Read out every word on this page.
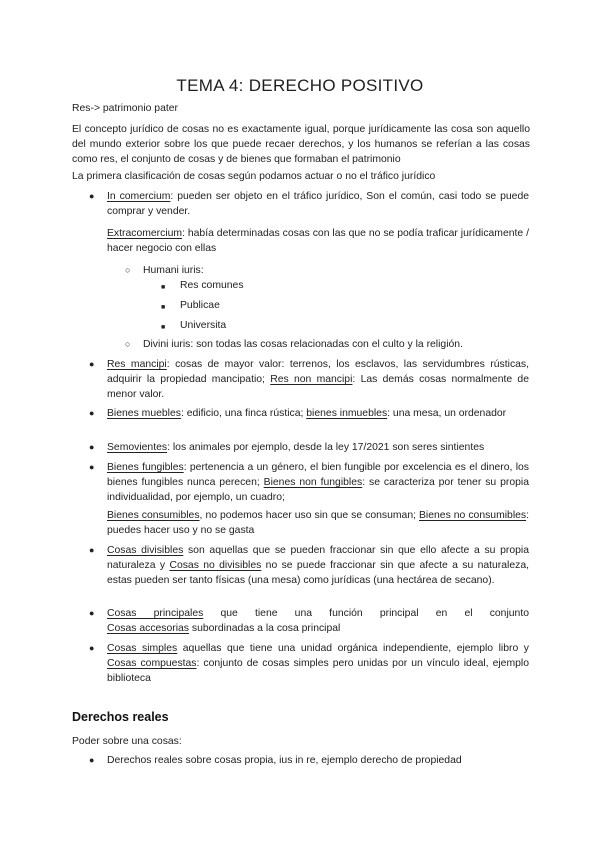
TEMA 4: DERECHO POSITIVO
Res-> patrimonio pater
El concepto jurídico de cosas no es exactamente igual, porque jurídicamente las cosa son aquello del mundo exterior sobre los que puede recaer derechos, y los humanos se referían a las cosas como res, el conjunto de cosas y de bienes que formaban el patrimonio
La primera clasificación de cosas según podamos actuar o no el tráfico jurídico
● In comercium: pueden ser objeto en el tráfico jurídico, Son el común, casi todo se puede comprar y vender.
Extracomercium: había determinadas cosas con las que no se podía traficar jurídicamente / hacer negocio con ellas
○ Humani iuris:
■ Res comunes
■ Publicae
■ Universita
○ Divini iuris: son todas las cosas relacionadas con el culto y la religión.
● Res mancipi: cosas de mayor valor: terrenos, los esclavos, las servidumbres rústicas, adquirir la propiedad mancipatio; Res non mancipi: Las demás cosas normalmente de menor valor.
● Bienes muebles: edificio, una finca rústica; bienes inmuebles: una mesa, un ordenador
● Semovientes: los animales por ejemplo, desde la ley 17/2021 son seres sintientes
● Bienes fungibles: pertenencia a un género, el bien fungible por excelencia es el dinero, los bienes fungibles nunca perecen; Bienes non fungibles: se caracteriza por tener su propia individualidad, por ejemplo, un cuadro;
Bienes consumibles, no podemos hacer uso sin que se consuman; Bienes no consumibles: puedes hacer uso y no se gasta
● Cosas divisibles son aquellas que se pueden fraccionar sin que ello afecte a su propia naturaleza y Cosas no divisibles no se puede fraccionar sin que afecte a su naturaleza, estas pueden ser tanto físicas (una mesa) como jurídicas (una hectárea de secano).
● Cosas principales que tiene una función principal en el conjunto
Cosas accesorias subordinadas a la cosa principal
● Cosas simples aquellas que tiene una unidad orgánica independiente, ejemplo libro y Cosas compuestas: conjunto de cosas simples pero unidas por un vínculo ideal, ejemplo biblioteca
Derechos reales
Poder sobre una cosas:
● Derechos reales sobre cosas propia, ius in re, ejemplo derecho de propiedad
